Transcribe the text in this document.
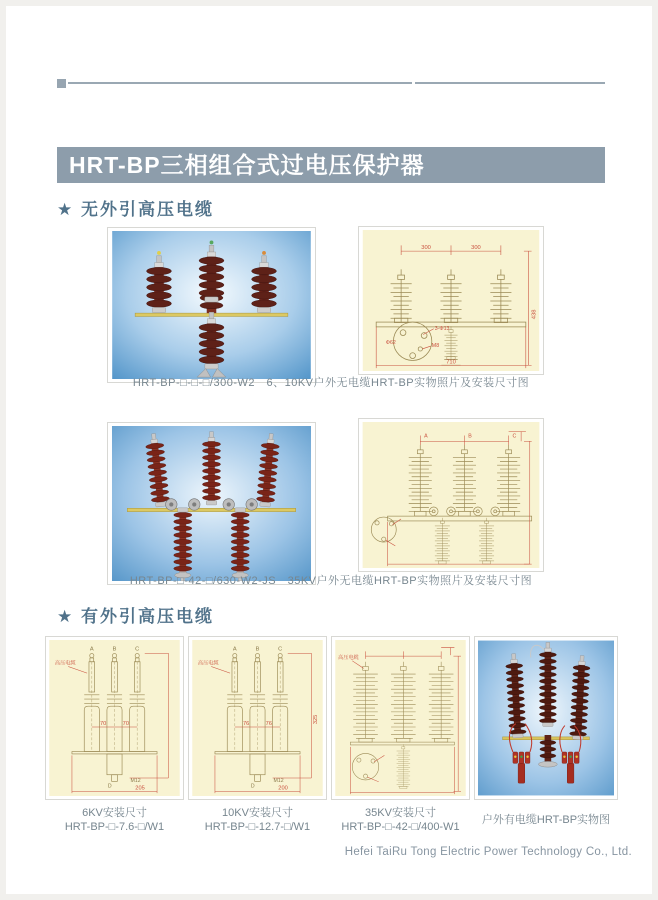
HRT-BP三相组合式过电压保护器
★ 无外引高压电缆
300	300
438
710
3-Φ13
M8
Φ62
HRT-BP-□-□-□/300-W2　6、10KV户外无电缆HRT-BP实物照片及安装尺寸图
A	B	C
HRT-BP-□-42-□/630-W2-JS　35KV户外无电缆HRT-BP实物照片及安装尺寸图
★ 有外引高压电缆
A	B	C
M12
D
高压电缆
70	70
205
A	B	C
M12
D
高压电缆
76	76	325
200
高压电缆
6KV安装尺寸
HRT-BP-□-7.6-□/W1
10KV安装尺寸
HRT-BP-□-12.7-□/W1
35KV安装尺寸
HRT-BP-□-42-□/400-W1
户外有电缆HRT-BP实物图
Hefei TaiRu Tong Electric Power Technology Co., Ltd.
